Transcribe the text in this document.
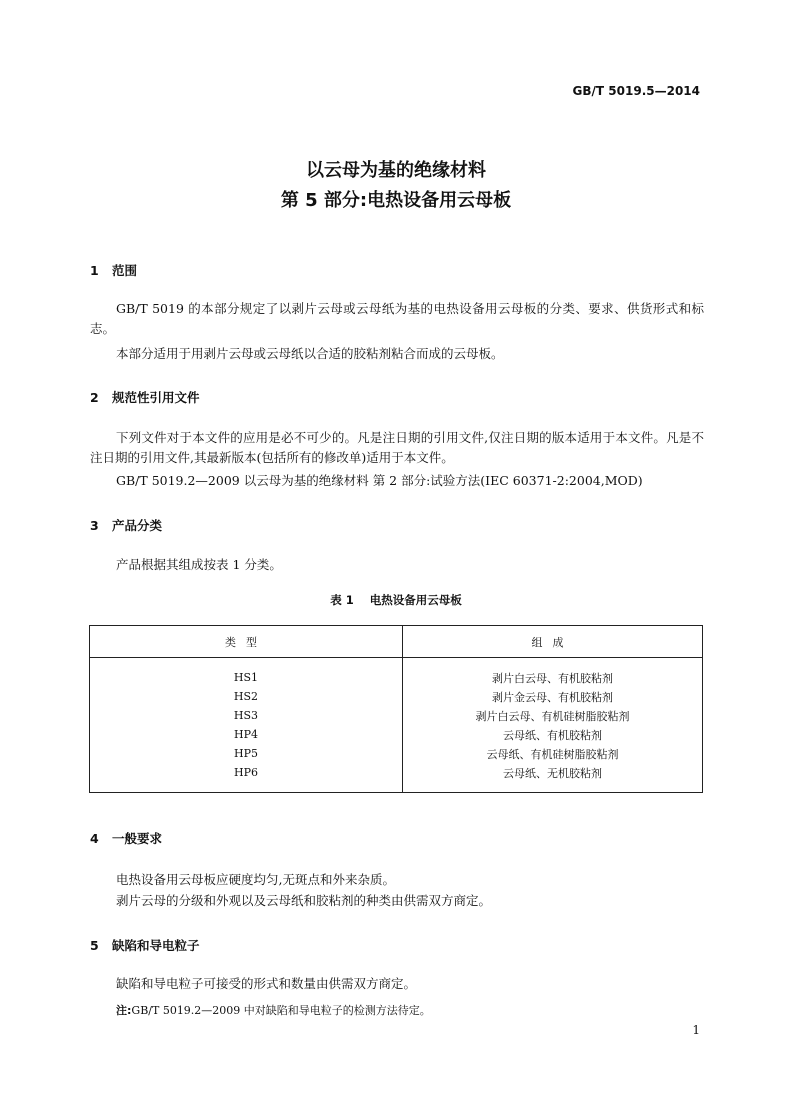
GB/T 5019.5—2014
以云母为基的绝缘材料
第 5 部分:电热设备用云母板
1 范围
GB/T 5019 的本部分规定了以剥片云母或云母纸为基的电热设备用云母板的分类、要求、供货形式和标志。
本部分适用于用剥片云母或云母纸以合适的胶粘剂粘合而成的云母板。
2 规范性引用文件
下列文件对于本文件的应用是必不可少的。凡是注日期的引用文件,仅注日期的版本适用于本文件。凡是不注日期的引用文件,其最新版本(包括所有的修改单)适用于本文件。
GB/T 5019.2—2009 以云母为基的绝缘材料 第 2 部分:试验方法(IEC 60371-2:2004,MOD)
3 产品分类
产品根据其组成按表 1 分类。
表 1 电热设备用云母板
类型	组成
HS1	剥片白云母、有机胶粘剂
HS2	剥片金云母、有机胶粘剂
HS3	剥片白云母、有机硅树脂胶粘剂
HP4	云母纸、有机胶粘剂
HP5	云母纸、有机硅树脂胶粘剂
HP6	云母纸、无机胶粘剂
4 一般要求
电热设备用云母板应硬度均匀,无斑点和外来杂质。
剥片云母的分级和外观以及云母纸和胶粘剂的种类由供需双方商定。
5 缺陷和导电粒子
缺陷和导电粒子可接受的形式和数量由供需双方商定。
注:GB/T 5019.2—2009 中对缺陷和导电粒子的检测方法待定。
1
